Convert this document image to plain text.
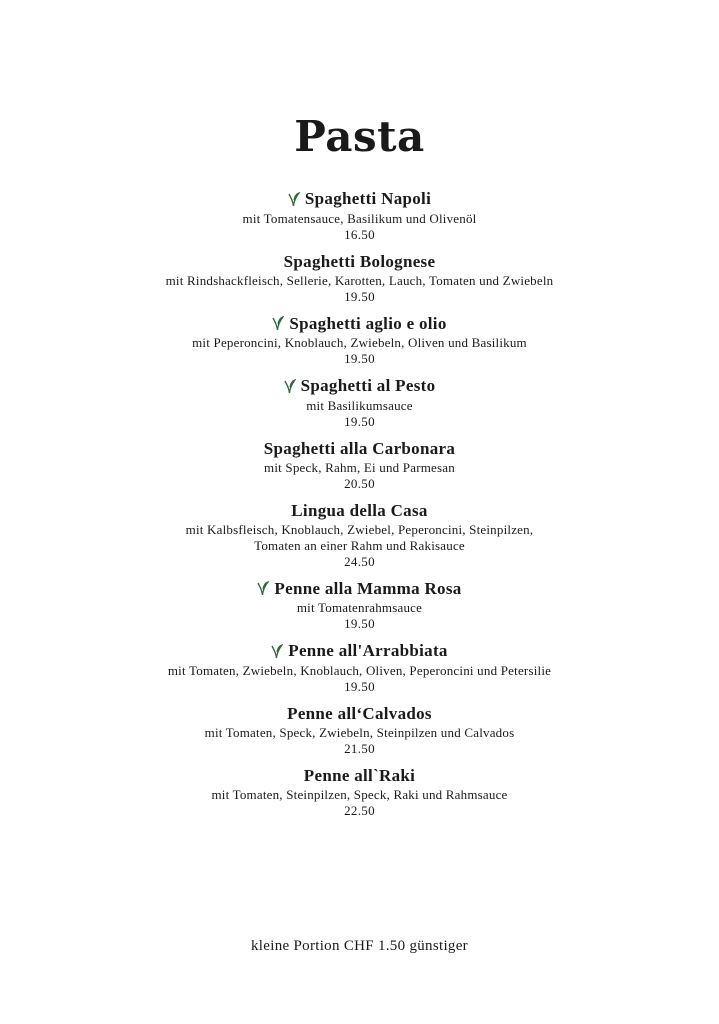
Pasta
Spaghetti Napoli
mit Tomatensauce, Basilikum und Olivenöl
16.50
Spaghetti Bolognese
mit Rindshackfleisch, Sellerie, Karotten, Lauch, Tomaten und Zwiebeln
19.50
Spaghetti aglio e olio
mit Peperoncini, Knoblauch, Zwiebeln, Oliven und Basilikum
19.50
Spaghetti al Pesto
mit Basilikumsauce
19.50
Spaghetti alla Carbonara
mit Speck, Rahm, Ei und Parmesan
20.50
Lingua della Casa
mit Kalbsfleisch, Knoblauch, Zwiebel, Peperoncini, Steinpilzen,
Tomaten an einer Rahm und Rakisauce
24.50
Penne alla Mamma Rosa
mit Tomatenrahmsauce
19.50
Penne all'Arrabbiata
mit Tomaten, Zwiebeln, Knoblauch, Oliven, Peperoncini und Petersilie
19.50
Penne all‘Calvados
mit Tomaten, Speck, Zwiebeln, Steinpilzen und Calvados
21.50
Penne all`Raki
mit Tomaten, Steinpilzen, Speck, Raki und Rahmsauce
22.50
kleine Portion CHF 1.50 günstiger
